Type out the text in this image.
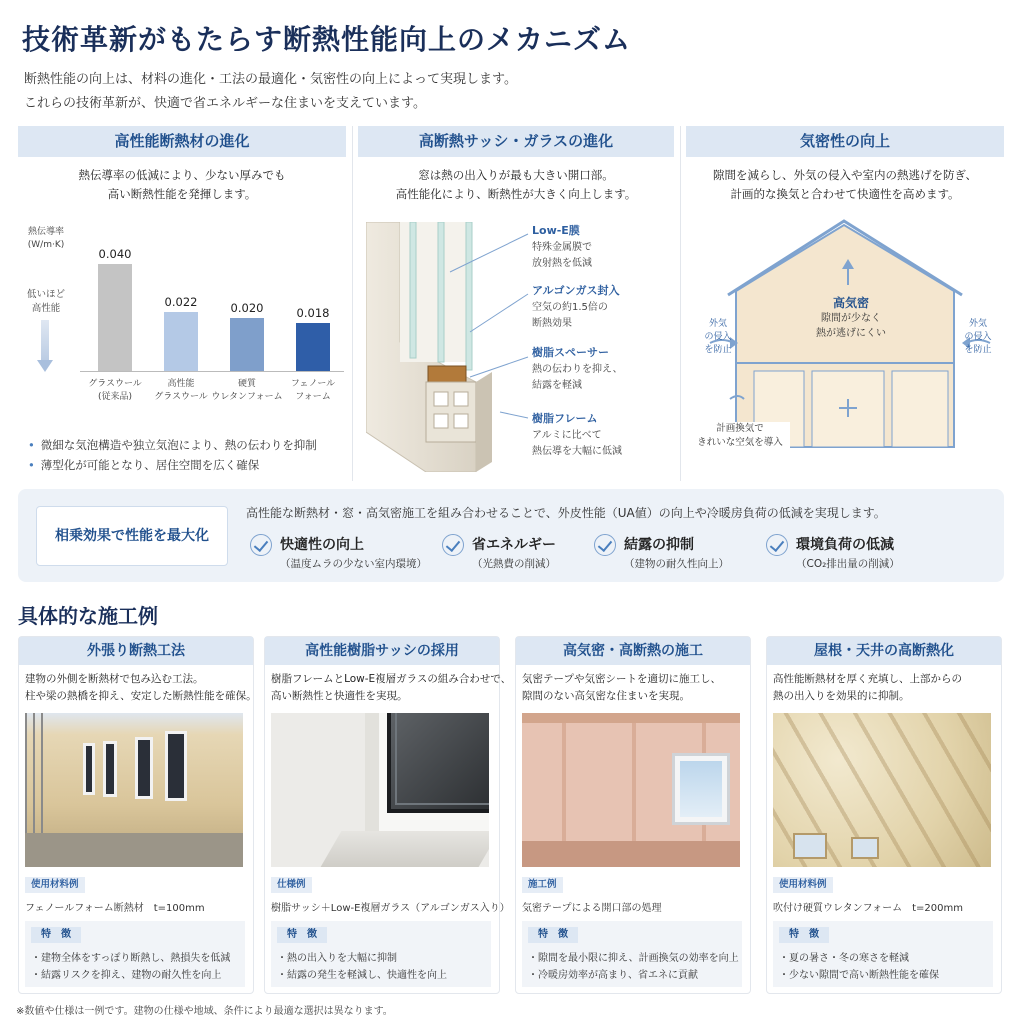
技術革新がもたらす断熱性能向上のメカニズム
断熱性能の向上は、材料の進化・工法の最適化・気密性の向上によって実現します。
これらの技術革新が、快適で省エネルギーな住まいを支えています。
高性能断熱材の進化	高断熱サッシ・ガラスの進化	気密性の向上
熱伝導率の低減により、少ない厚みでも
高い断熱性能を発揮します。
窓は熱の出入りが最も大きい開口部。
高性能化により、断熱性が大きく向上します。
隙間を減らし、外気の侵入や室内の熱逃げを防ぎ、
計画的な換気と合わせて快適性を高めます。
熱伝導率
(W/m·K)
低いほど
高性能
0.040
グラスウール
(従来品)
0.022
高性能
グラスウール
0.020
硬質
ウレタンフォーム
0.018
フェノール
フォーム
• 微細な気泡構造や独立気泡により、熱の伝わりを抑制
• 薄型化が可能となり、居住空間を広く確保
Low-E膜
特殊金属膜で
放射熱を低減
アルゴンガス封入
空気の約1.5倍の
断熱効果
樹脂スペーサー
熱の伝わりを抑え、
結露を軽減
樹脂フレーム
アルミに比べて
熱伝導を大幅に低減
高気密
隙間が少なく
熱が逃げにくい
外気
の侵入
を防止
外気
の侵入
を防止
計画換気で
きれいな空気を導入
相乗効果で性能を最大化
高性能な断熱材・窓・高気密施工を組み合わせることで、外皮性能（UA値）の向上や冷暖房負荷の低減を実現します。
快適性の向上
（温度ムラの少ない室内環境）
省エネルギー
（光熱費の削減）
結露の抑制
（建物の耐久性向上）
環境負荷の低減
（CO₂排出量の削減）
具体的な施工例
外張り断熱工法
建物の外側を断熱材で包み込む工法。
柱や梁の熱橋を抑え、安定した断熱性能を確保。
使用材料例
フェノールフォーム断熱材　t=100mm
特　徴
・建物全体をすっぽり断熱し、熱損失を低減
・結露リスクを抑え、建物の耐久性を向上
高性能樹脂サッシの採用
樹脂フレームとLow-E複層ガラスの組み合わせで、
高い断熱性と快適性を実現。
仕様例
樹脂サッシ＋Low-E複層ガラス（アルゴンガス入り）
特　徴
・熱の出入りを大幅に抑制
・結露の発生を軽減し、快適性を向上
高気密・高断熱の施工
気密テープや気密シートを適切に施工し、
隙間のない高気密な住まいを実現。
施工例
気密テープによる開口部の処理
特　徴
・隙間を最小限に抑え、計画換気の効率を向上
・冷暖房効率が高まり、省エネに貢献
屋根・天井の高断熱化
高性能断熱材を厚く充填し、上部からの
熱の出入りを効果的に抑制。
使用材料例
吹付け硬質ウレタンフォーム　t=200mm
特　徴
・夏の暑さ・冬の寒さを軽減
・少ない隙間で高い断熱性能を確保
※数値や仕様は一例です。建物の仕様や地域、条件により最適な選択は異なります。
